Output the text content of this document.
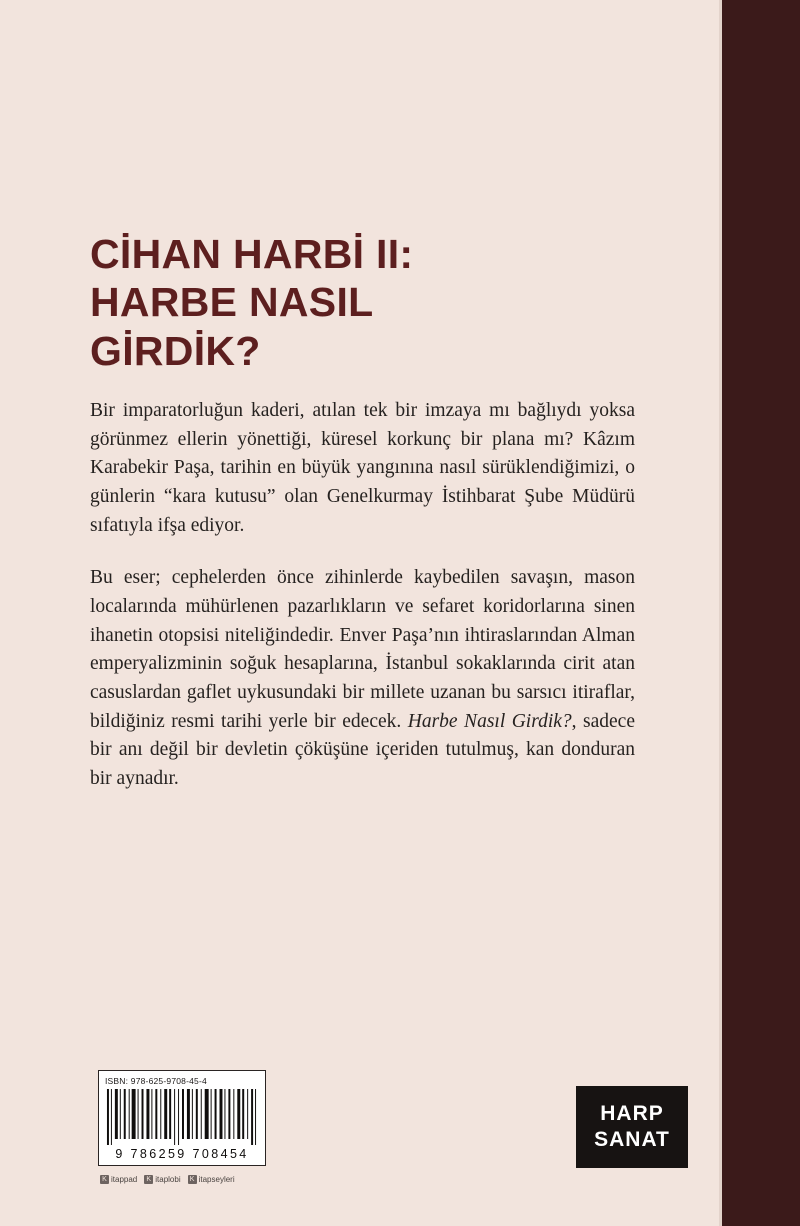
CİHAN HARBİ II:
HARBE NASIL
GİRDİK?

Bir imparatorluğun kaderi, atılan tek bir imzaya mı bağlıydı yoksa görünmez ellerin yönettiği, küresel korkunç bir plana mı? Kâzım Karabekir Paşa, tarihin en büyük yangınına nasıl sürüklendiğimizi, o günlerin “kara kutusu” olan Genelkurmay İstihbarat Şube Müdürü sıfatıyla ifşa ediyor.

Bu eser; cephelerden önce zihinlerde kaybedilen savaşın, mason localarında mühürlenen pazarlıkların ve sefaret koridorlarına sinen ihanetin otopsisi niteliğindedir. Enver Paşa’nın ihtiraslarından Alman emperyalizminin soğuk hesaplarına, İstanbul sokaklarında cirit atan casuslardan gaflet uykusundaki bir millete uzanan bu sarsıcı itiraflar, bildiğiniz resmi tarihi yerle bir edecek. Harbe Nasıl Girdik?, sadece bir anı değil bir devletin çöküşüne içeriden tutulmuş, kan donduran bir aynadır.

ISBN: 978-625-9708-45-4
9 786259 708454
K itappad	K itaplobi	K itapseyleri
HARP
SANAT
